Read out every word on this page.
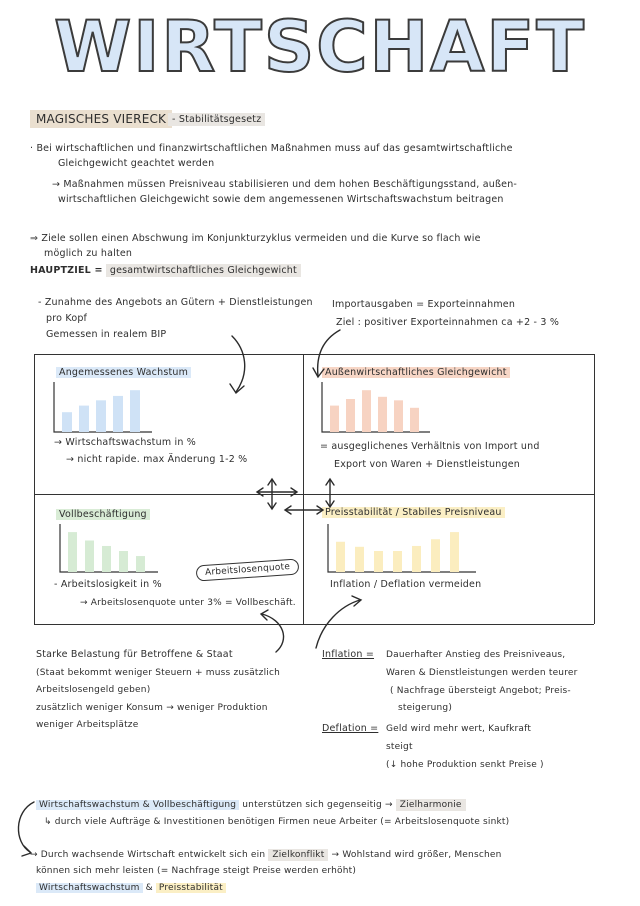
WIRTSCHAFT
MAGISCHES VIERECK - Stabilitätsgesetz
· Bei wirtschaftlichen und finanzwirtschaftlichen Maßnahmen muss auf das gesamtwirtschaftliche
Gleichgewicht geachtet werden
→ Maßnahmen müssen Preisniveau stabilisieren und dem hohen Beschäftigungsstand, außen-
wirtschaftlichen Gleichgewicht sowie dem angemessenen Wirtschaftswachstum beitragen
⇒ Ziele sollen einen Abschwung im Konjunkturzyklus vermeiden und die Kurve so flach wie
möglich zu halten
HAUPTZIEL = gesamtwirtschaftliches Gleichgewicht
- Zunahme des Angebots an Gütern + Dienstleistungen
pro Kopf
Gemessen in realem BIP
Importausgaben = Exporteinnahmen
Ziel : positiver Exporteinnahmen ca +2 - 3 %
Angemessenes Wachstum	Außenwirtschaftliches Gleichgewicht
Vollbeschäftigung	Preisstabilität / Stabiles Preisniveau
→ Wirtschaftswachstum in %
→ nicht rapide. max Änderung 1-2 %
= ausgeglichenes Verhältnis von Import und
Export von Waren + Dienstleistungen
Arbeitslosenquote
- Arbeitslosigkeit in %
→ Arbeitslosenquote unter 3% = Vollbeschäft.
Inflation / Deflation vermeiden
Starke Belastung für Betroffene & Staat
(Staat bekommt weniger Steuern + muss zusätzlich
Arbeitslosengeld geben)
zusätzlich weniger Konsum → weniger Produktion
weniger Arbeitsplätze
Inflation = Dauerhafter Anstieg des Preisniveaus,
Waren & Dienstleistungen werden teurer
( Nachfrage übersteigt Angebot; Preis-
steigerung)
Deflation = Geld wird mehr wert, Kaufkraft
steigt
(↓ hohe Produktion senkt Preise )
Wirtschaftswachstum & Vollbeschäftigung unterstützen sich gegenseitig → Zielharmonie
↳ durch viele Aufträge & Investitionen benötigen Firmen neue Arbeiter (= Arbeitslosenquote sinkt)
→ Durch wachsende Wirtschaft entwickelt sich ein Zielkonflikt → Wohlstand wird größer, Menschen
können sich mehr leisten (= Nachfrage steigt Preise werden erhöht)
Wirtschaftswachstum & Preisstabilität
